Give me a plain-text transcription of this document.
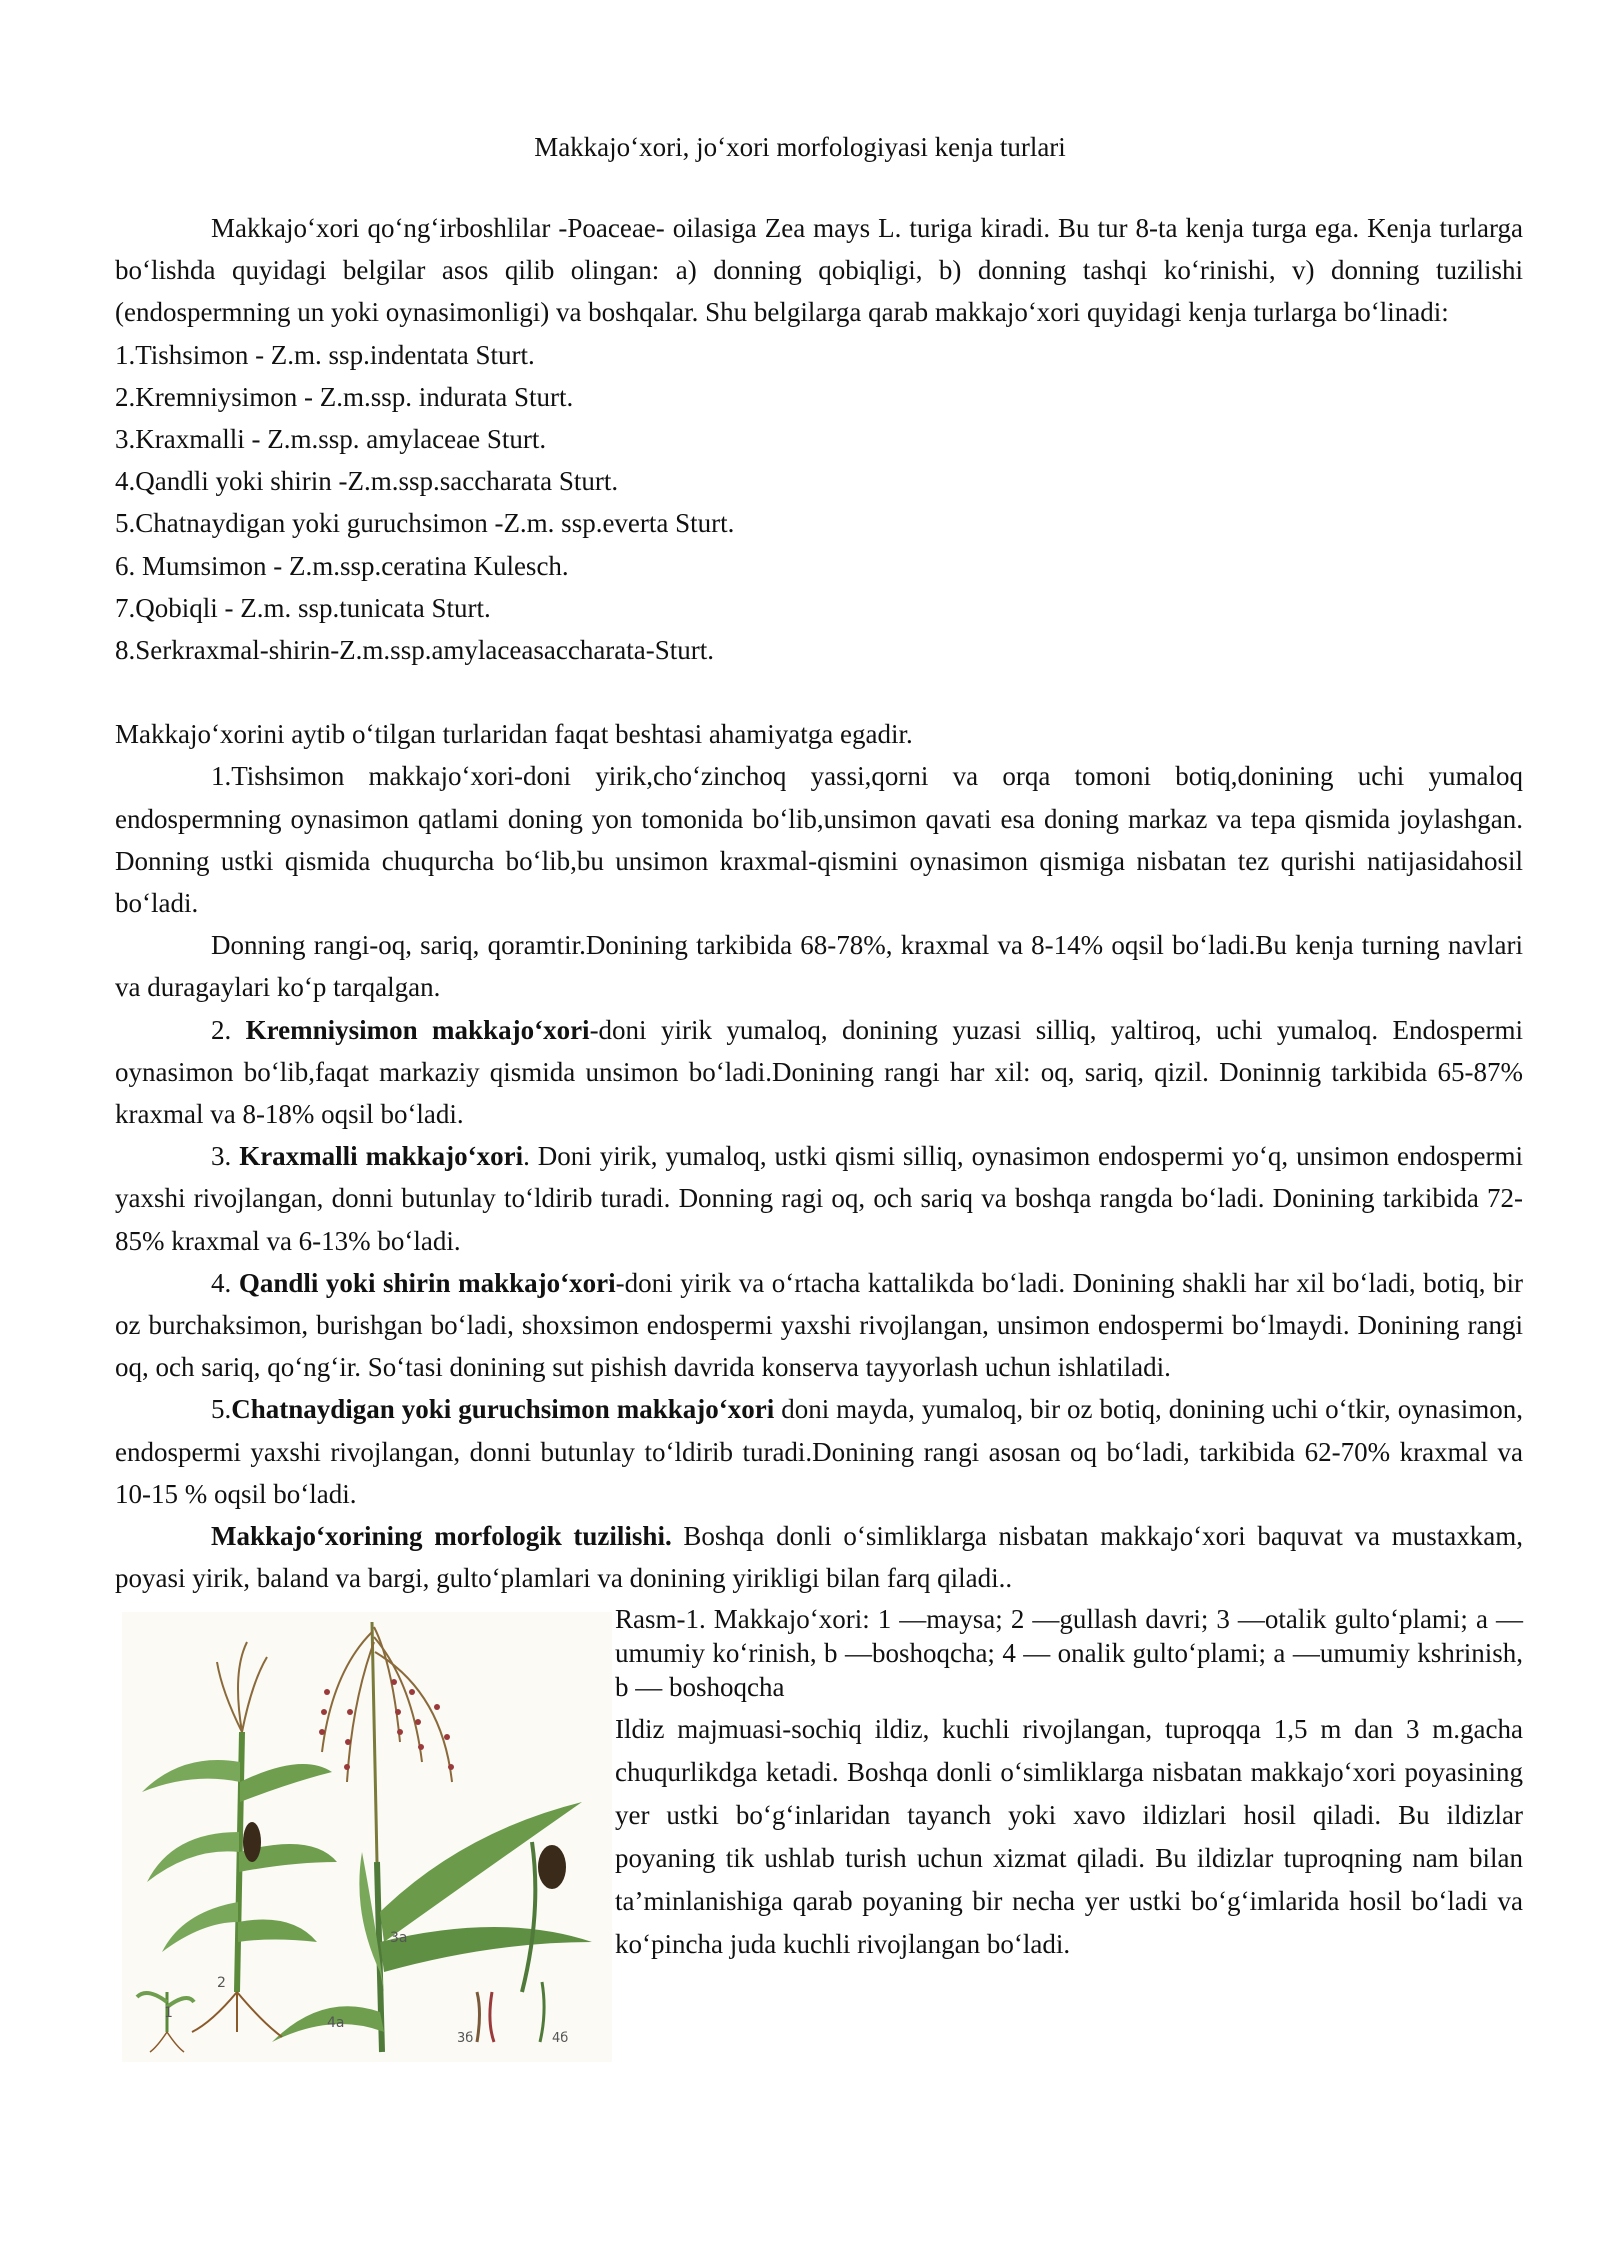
Makkajo‘xori, jo‘xori morfologiyasi kenja turlari

Makkajo‘xori qo‘ng‘irboshlilar -Poaceae- oilasiga Zea mays L. turiga kiradi. Bu tur 8-ta kenja turga ega. Kenja turlarga bo‘lishda quyidagi belgilar asos qilib olingan: a) donning qobiqligi, b) donning tashqi ko‘rinishi, v) donning tuzilishi (endospermning un yoki oynasimonligi) va boshqalar. Shu belgilarga qarab makkajo‘xori quyidagi kenja turlarga bo‘linadi:

1.Tishsimon - Z.m. ssp.indentata Sturt.

2.Kremniysimon - Z.m.ssp. indurata Sturt.

3.Kraxmalli - Z.m.ssp. amylaceae Sturt.

4.Qandli yoki shirin -Z.m.ssp.saccharata Sturt.

5.Chatnaydigan yoki guruchsimon -Z.m. ssp.everta Sturt.

6. Mumsimon - Z.m.ssp.ceratina Kulesch.

7.Qobiqli - Z.m. ssp.tunicata Sturt.

8.Serkraxmal-shirin-Z.m.ssp.amylaceasaccharata-Sturt.

Makkajo‘xorini aytib o‘tilgan turlaridan faqat beshtasi ahamiyatga egadir.

1.Tishsimon makkajo‘xori-doni yirik,cho‘zinchoq yassi,qorni va orqa tomoni botiq,donining uchi yumaloq endospermning oynasimon qatlami doning yon tomonida bo‘lib,unsimon qavati esa doning markaz va tepa qismida joylashgan. Donning ustki qismida chuqurcha bo‘lib,bu unsimon kraxmal-qismini oynasimon qismiga nisbatan tez qurishi natijasidahosil bo‘ladi.

Donning rangi-oq, sariq, qoramtir.Donining tarkibida 68-78%, kraxmal va 8-14% oqsil bo‘ladi.Bu kenja turning navlari va duragaylari ko‘p tarqalgan.

2. Kremniysimon makkajo‘xori-doni yirik yumaloq, donining yuzasi silliq, yaltiroq, uchi yumaloq. Endospermi oynasimon bo‘lib,faqat markaziy qismida unsimon bo‘ladi.Donining rangi har xil: oq, sariq, qizil. Doninnig tarkibida 65-87% kraxmal va 8-18% oqsil bo‘ladi.

3. Kraxmalli makkajo‘xori. Doni yirik, yumaloq, ustki qismi silliq, oynasimon endospermi yo‘q, unsimon endospermi yaxshi rivojlangan, donni butunlay to‘ldirib turadi. Donning ragi oq, och sariq va boshqa rangda bo‘ladi. Donining tarkibida 72-85% kraxmal va 6-13% bo‘ladi.

4. Qandli yoki shirin makkajo‘xori-doni yirik va o‘rtacha kattalikda bo‘ladi. Donining shakli har xil bo‘ladi, botiq, bir oz burchaksimon, burishgan bo‘ladi, shoxsimon endospermi yaxshi rivojlangan, unsimon endospermi bo‘lmaydi. Donining rangi oq, och sariq, qo‘ng‘ir. So‘tasi donining sut pishish davrida konserva tayyorlash uchun ishlatiladi.

5.Chatnaydigan yoki guruchsimon makkajo‘xori doni mayda, yumaloq, bir oz botiq, donining uchi o‘tkir, oynasimon, endospermi yaxshi rivojlangan, donni butunlay to‘ldirib turadi.Donining rangi asosan oq bo‘ladi, tarkibida 62-70% kraxmal va 10-15 % oqsil bo‘ladi.

Makkajo‘xorining morfologik tuzilishi. Boshqa donli o‘simliklarga nisbatan makkajo‘xori baquvat va mustaxkam, poyasi yirik, baland va bargi, gulto‘plamlari va donining yirikligi bilan farq qiladi..

1
2
3a
4a
3б	4б

Rasm-1. Makkajo‘xori: 1 —maysa; 2 —gullash davri; 3 —otalik gulto‘plami; a —umumiy ko‘rinish, b —boshoqcha; 4 — onalik gulto‘plami; a —umumiy kshrinish, b — boshoqcha

Ildiz majmuasi-sochiq ildiz, kuchli rivojlangan, tuproqqa 1,5 m dan 3 m.gacha chuqurlikdga ketadi. Boshqa donli o‘simliklarga nisbatan makkajo‘xori poyasining yer ustki bo‘g‘inlaridan tayanch yoki xavo ildizlari hosil qiladi. Bu ildizlar poyaning tik ushlab turish uchun xizmat qiladi. Bu ildizlar tuproqning nam bilan ta’minlanishiga qarab poyaning bir necha yer ustki bo‘g‘imlarida hosil bo‘ladi va ko‘pincha juda kuchli rivojlangan bo‘ladi.
